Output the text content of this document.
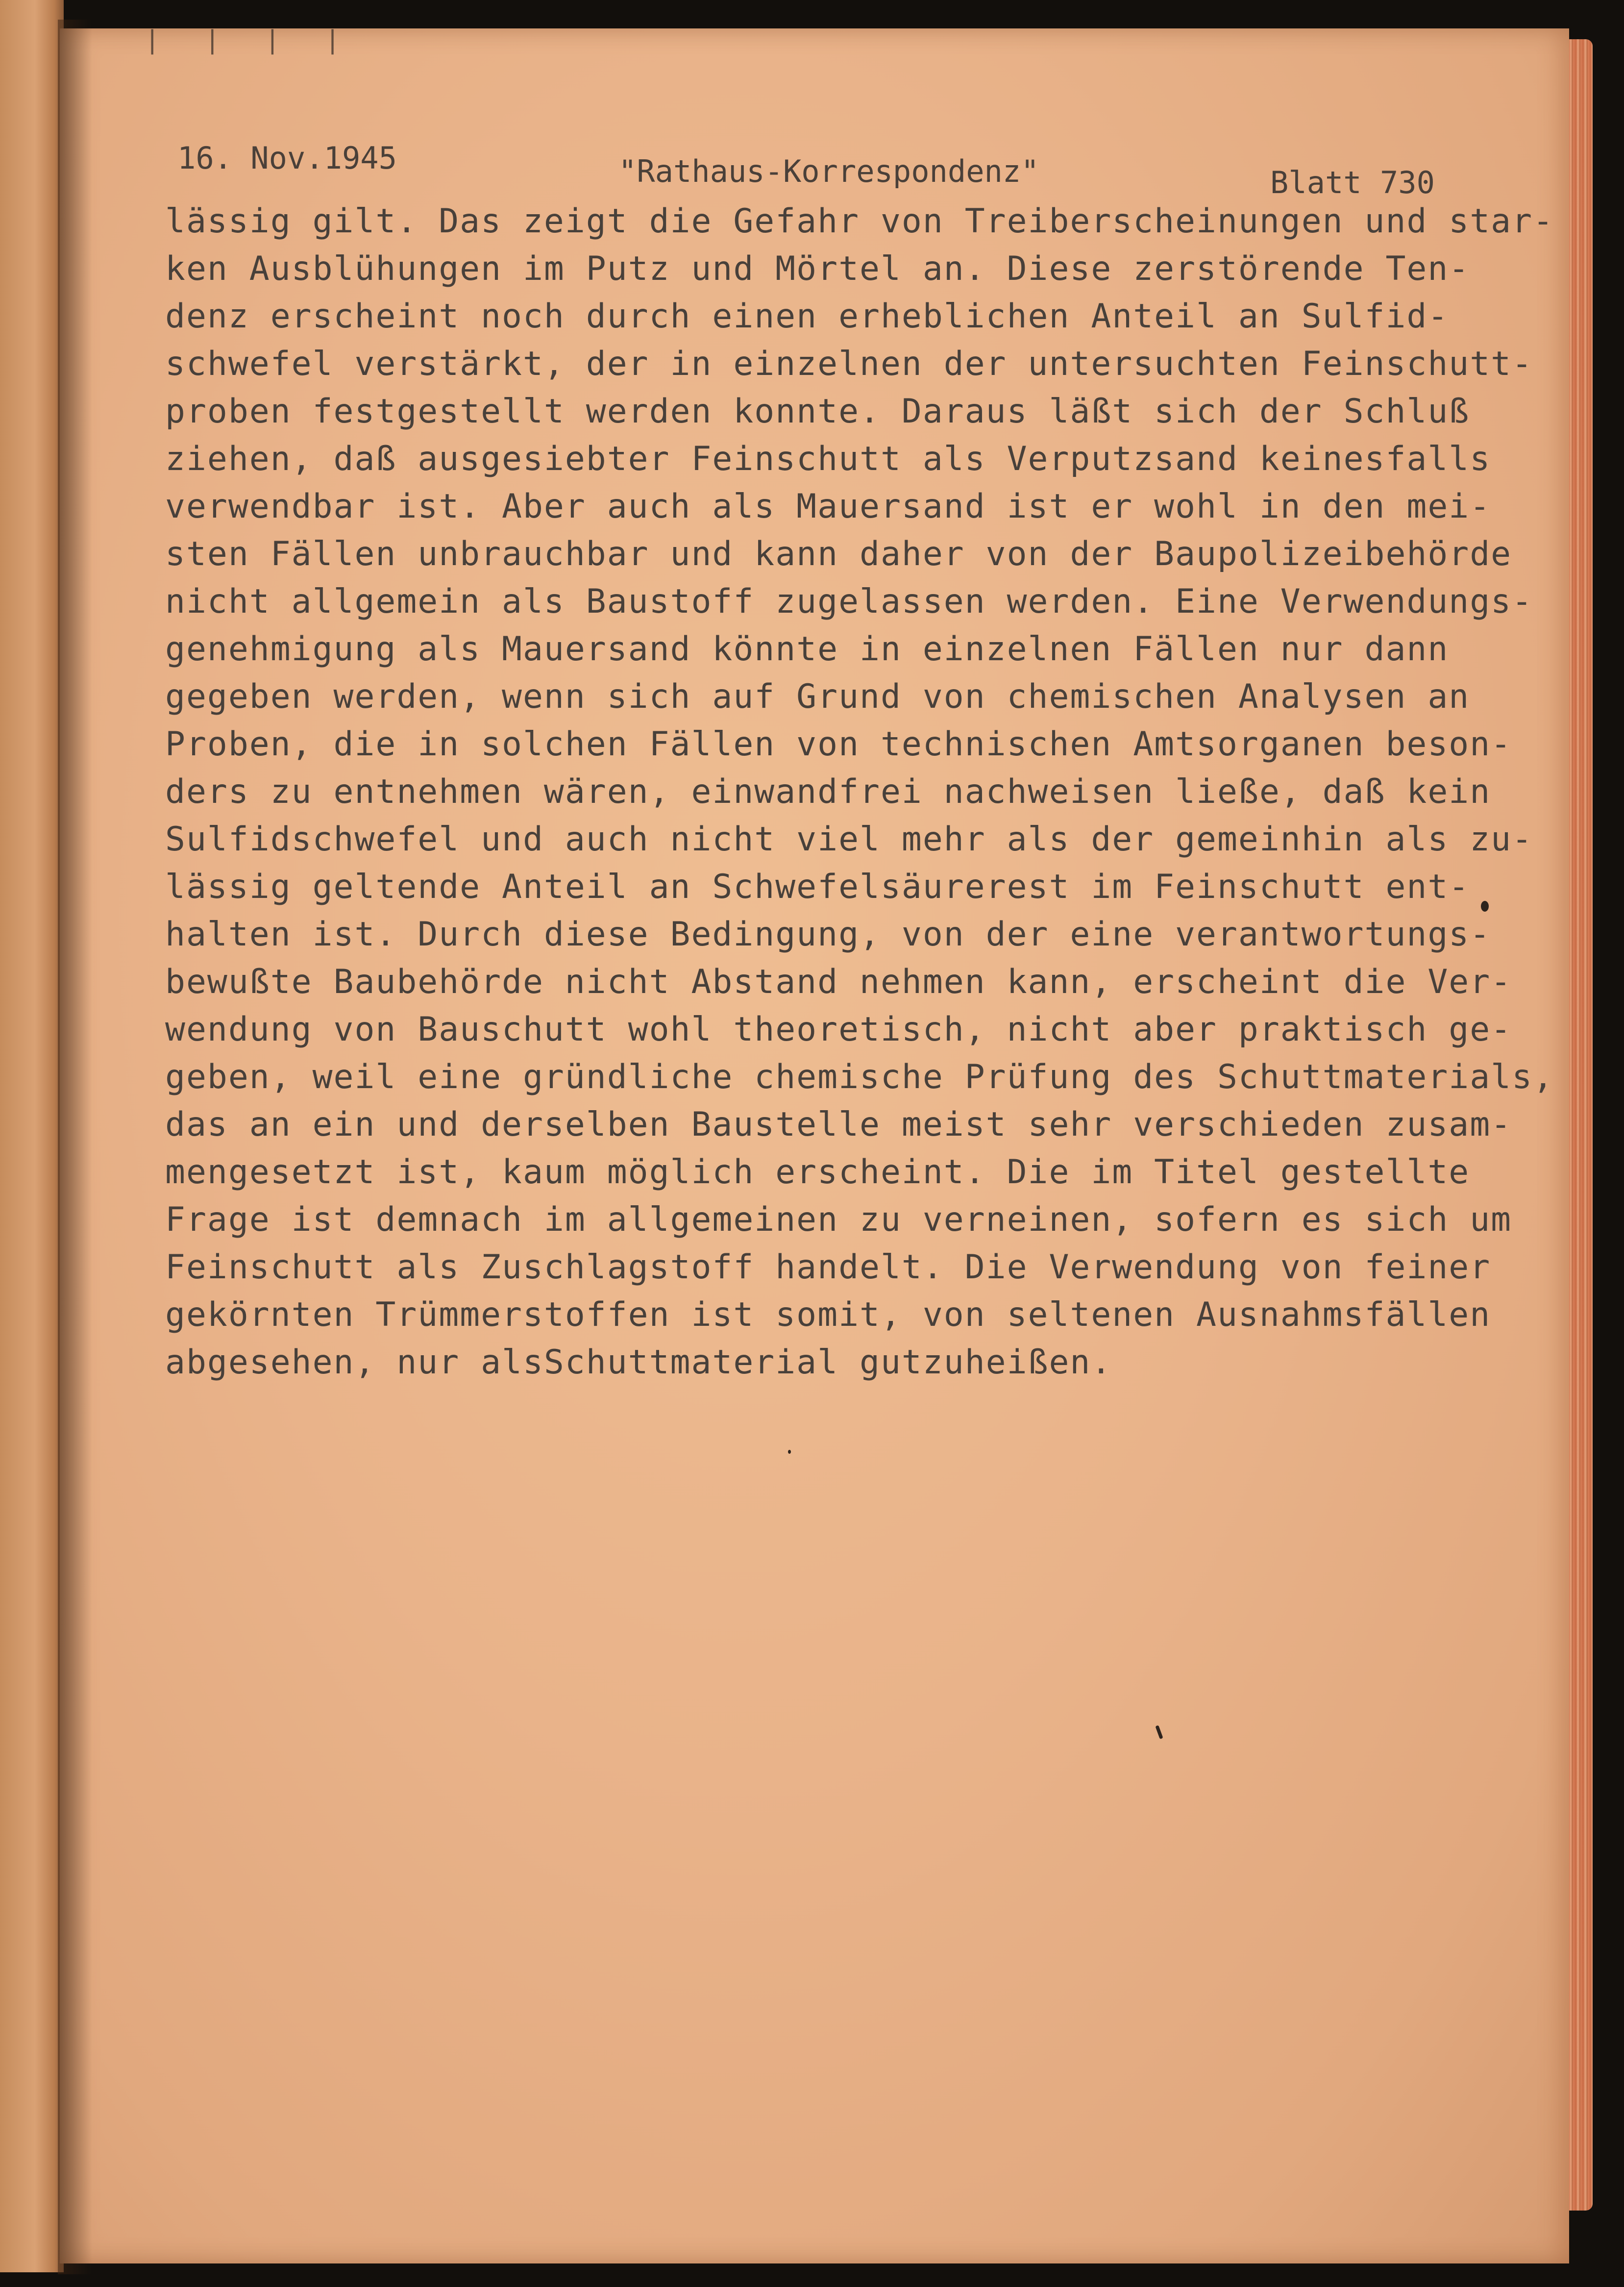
16. Nov.1945	"Rathaus-Korrespondenz"	Blatt 730
lässig gilt. Das zeigt die Gefahr von Treiberscheinungen und star-
ken Ausblühungen im Putz und Mörtel an. Diese zerstörende Ten-
denz erscheint noch durch einen erheblichen Anteil an Sulfid-
schwefel verstärkt, der in einzelnen der untersuchten Feinschutt-
proben festgestellt werden konnte. Daraus läßt sich der Schluß
ziehen, daß ausgesiebter Feinschutt als Verputzsand keinesfalls
verwendbar ist. Aber auch als Mauersand ist er wohl in den mei-
sten Fällen unbrauchbar und kann daher von der Baupolizeibehörde
nicht allgemein als Baustoff zugelassen werden. Eine Verwendungs-
genehmigung als Mauersand könnte in einzelnen Fällen nur dann
gegeben werden, wenn sich auf Grund von chemischen Analysen an
Proben, die in solchen Fällen von technischen Amtsorganen beson-
ders zu entnehmen wären, einwandfrei nachweisen ließe, daß kein
Sulfidschwefel und auch nicht viel mehr als der gemeinhin als zu-
lässig geltende Anteil an Schwefelsäurerest im Feinschutt ent-
halten ist. Durch diese Bedingung, von der eine verantwortungs-
bewußte Baubehörde nicht Abstand nehmen kann, erscheint die Ver-
wendung von Bauschutt wohl theoretisch, nicht aber praktisch ge-
geben, weil eine gründliche chemische Prüfung des Schuttmaterials,
das an ein und derselben Baustelle meist sehr verschieden zusam-
mengesetzt ist, kaum möglich erscheint. Die im Titel gestellte
Frage ist demnach im allgemeinen zu verneinen, sofern es sich um
Feinschutt als Zuschlagstoff handelt. Die Verwendung von feiner
gekörnten Trümmerstoffen ist somit, von seltenen Ausnahmsfällen
abgesehen, nur alsSchuttmaterial gutzuheißen.
| | | |
